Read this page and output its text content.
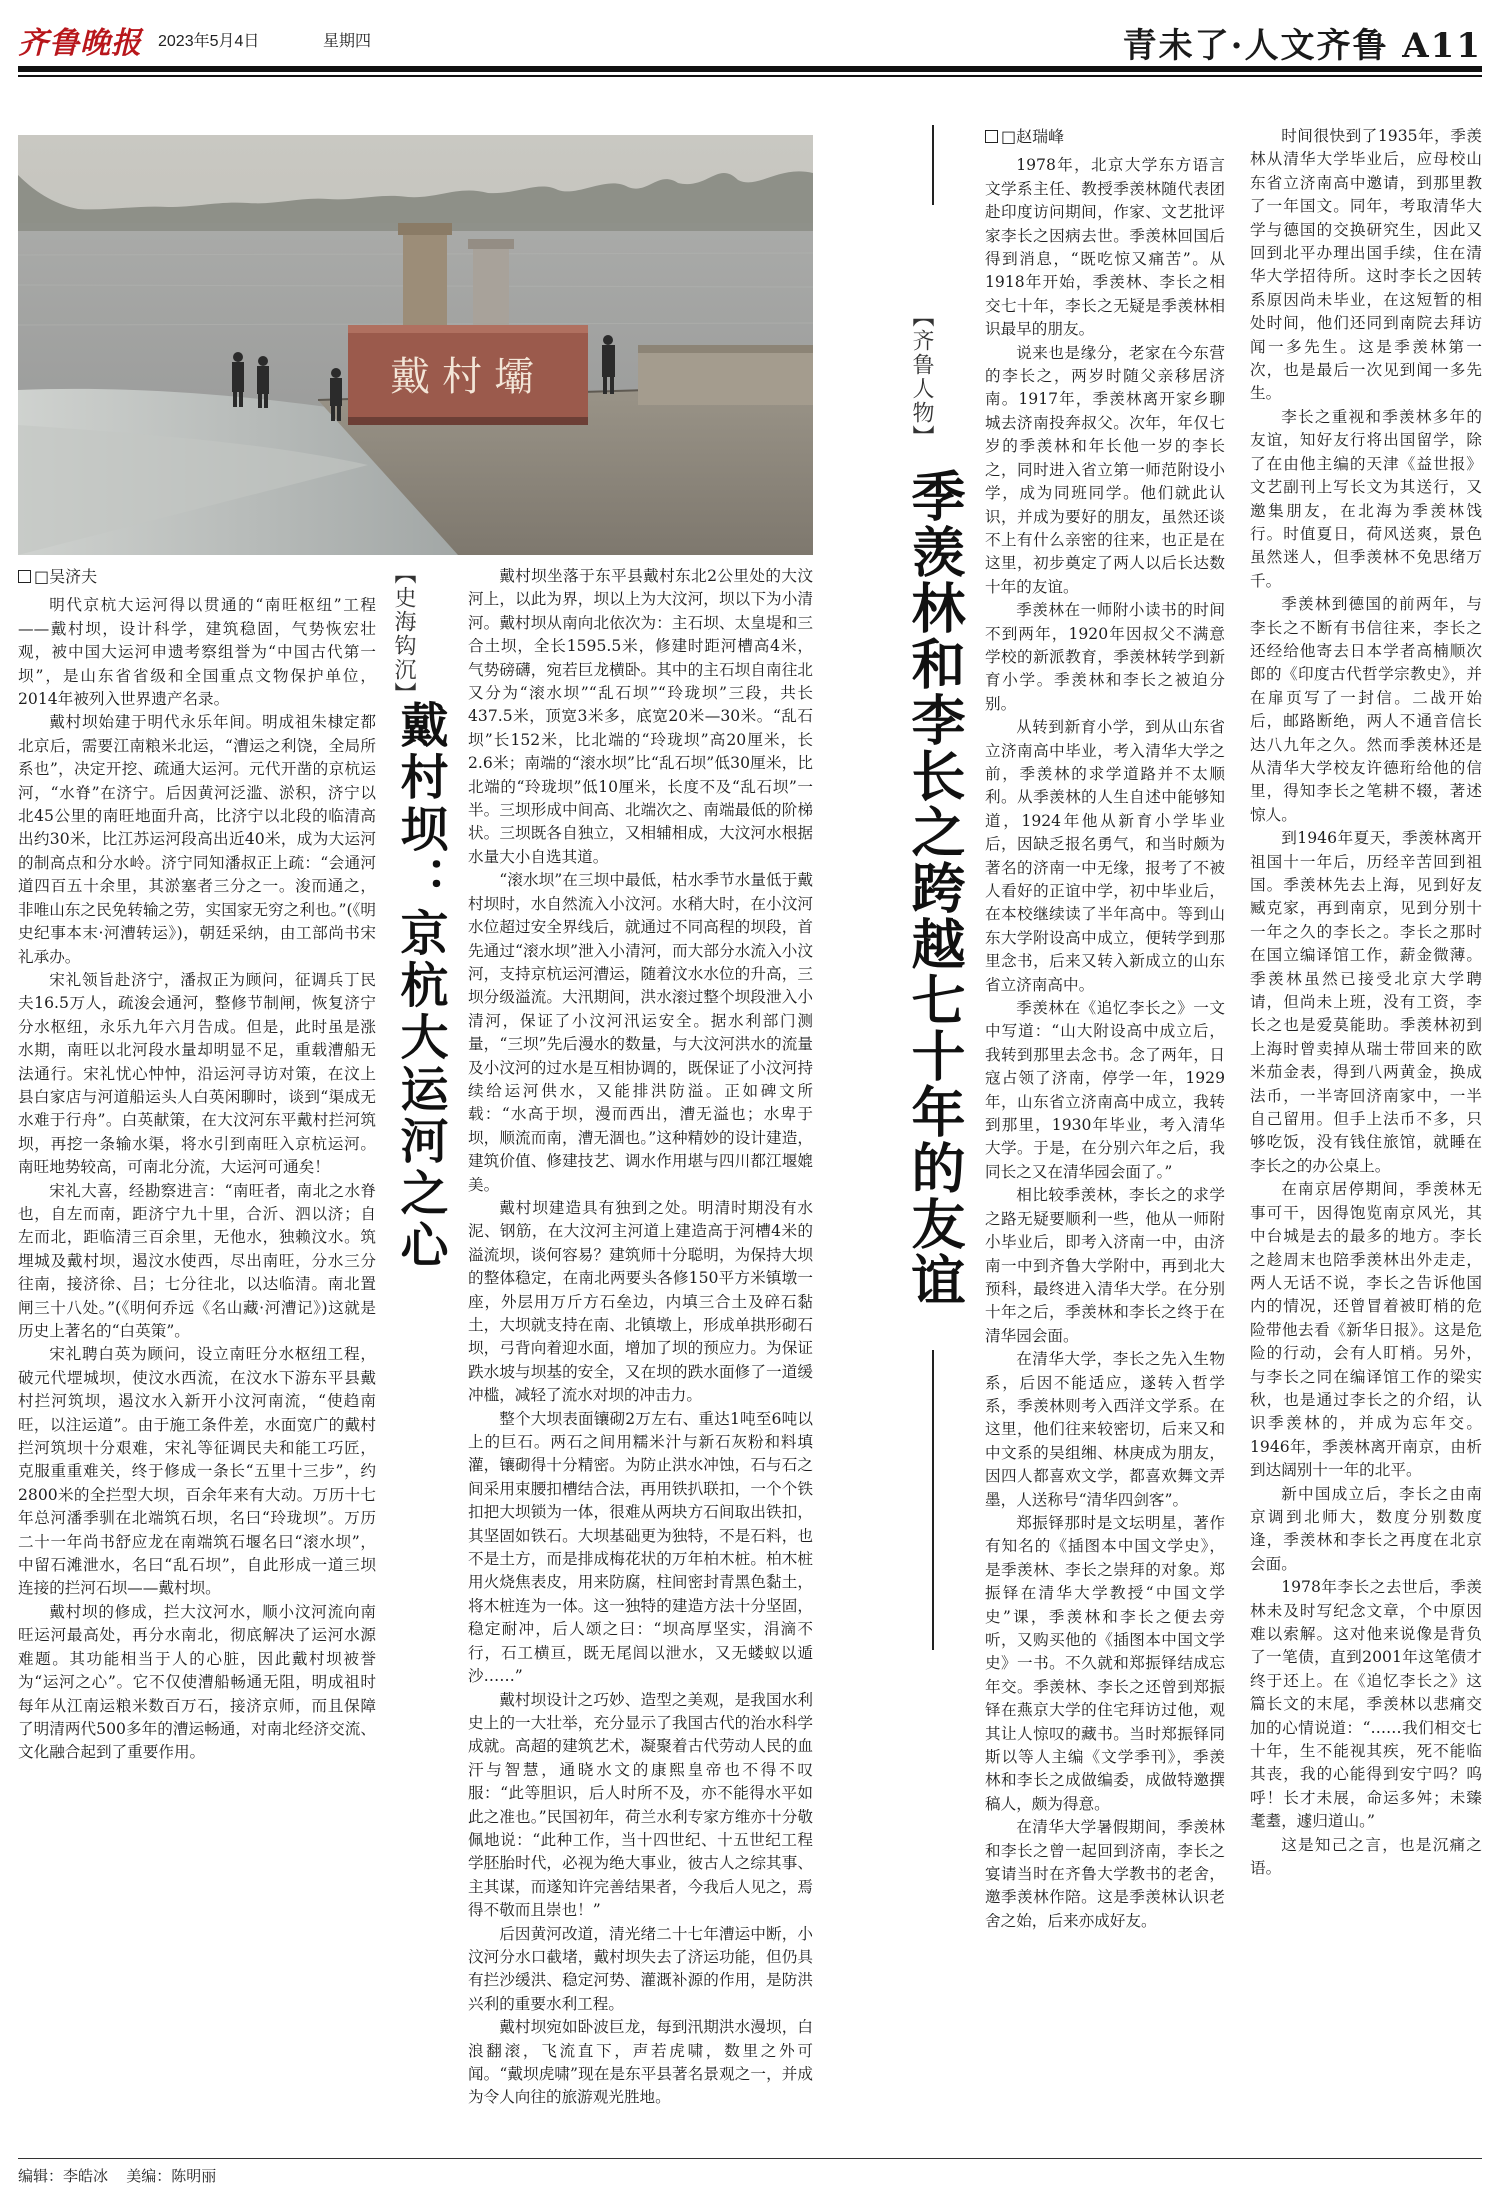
齐鲁晚报 2023年5月4日	星期四	青未了·人文齐鲁 A11
戴村壩
【史海钩沉】
戴村坝：京杭大运河之心

□吴济夫

明代京杭大运河得以贯通的“南旺枢纽”工程——戴村坝，设计科学，建筑稳固，气势恢宏壮观，被中国大运河申遗考察组誉为“中国古代第一坝”，是山东省省级和全国重点文物保护单位，2014年被列入世界遗产名录。

戴村坝始建于明代永乐年间。明成祖朱棣定都北京后，需要江南粮米北运，“漕运之利饶，全局所系也”，决定开挖、疏通大运河。元代开凿的京杭运河，“水脊”在济宁。后因黄河泛滥、淤积，济宁以北45公里的南旺地面升高，比济宁以北段的临清高出约30米，比江苏运河段高出近40米，成为大运河的制高点和分水岭。济宁同知潘叔正上疏：“会通河道四百五十余里，其淤塞者三分之一。浚而通之，非唯山东之民免转输之劳，实国家无穷之利也。”(《明史纪事本末·河漕转运》)，朝廷采纳，由工部尚书宋礼承办。

宋礼领旨赴济宁，潘叔正为顾问，征调兵丁民夫16.5万人，疏浚会通河，整修节制闸，恢复济宁分水枢纽，永乐九年六月告成。但是，此时虽是涨水期，南旺以北河段水量却明显不足，重载漕船无法通行。宋礼忧心忡忡，沿运河寻访对策，在汶上县白家店与河道船运头人白英闲聊时，谈到“渠成无水难于行舟”。白英献策，在大汶河东平戴村拦河筑坝，再挖一条输水渠，将水引到南旺入京杭运河。南旺地势较高，可南北分流，大运河可通矣！

宋礼大喜，经勘察进言：“南旺者，南北之水脊也，自左而南，距济宁九十里，合沂、泗以济；自左而北，距临清三百余里，无他水，独赖汶水。筑埋城及戴村坝，遏汶水使西，尽出南旺，分水三分往南，接济徐、吕；七分往北，以达临清。南北置闸三十八处。”(《明何乔远《名山藏·河漕记》)这就是历史上著名的“白英策”。

宋礼聘白英为顾问，设立南旺分水枢纽工程，破元代堽城坝，使汶水西流，在汶水下游东平县戴村拦河筑坝，遏汶水入新开小汶河南流，“使趋南旺，以注运道”。由于施工条件差，水面宽广的戴村拦河筑坝十分艰难，宋礼等征调民夫和能工巧匠，克服重重难关，终于修成一条长“五里十三步”，约2800米的全拦型大坝，百余年来有大动。万历十七年总河潘季驯在北端筑石坝，名曰“玲珑坝”。万历二十一年尚书舒应龙在南端筑石堰名曰“滚水坝”，中留石滩泄水，名曰“乱石坝”，自此形成一道三坝连接的拦河石坝——戴村坝。

戴村坝的修成，拦大汶河水，顺小汶河流向南旺运河最高处，再分水南北，彻底解决了运河水源难题。其功能相当于人的心脏，因此戴村坝被誉为“运河之心”。它不仅使漕船畅通无阻，明成祖时每年从江南运粮米数百万石，接济京师，而且保障了明清两代500多年的漕运畅通，对南北经济交流、文化融合起到了重要作用。

戴村坝坐落于东平县戴村东北2公里处的大汶河上，以此为界，坝以上为大汶河，坝以下为小清河。戴村坝从南向北依次为：主石坝、太皇堤和三合土坝，全长1595.5米，修建时距河槽高4米，气势磅礴，宛若巨龙横卧。其中的主石坝自南往北又分为“滚水坝”“乱石坝”“玲珑坝”三段，共长437.5米，顶宽3米多，底宽20米—30米。“乱石坝”长152米，比北端的“玲珑坝”高20厘米，长2.6米；南端的“滚水坝”比“乱石坝”低30厘米，比北端的“玲珑坝”低10厘米，长度不及“乱石坝”一半。三坝形成中间高、北端次之、南端最低的阶梯状。三坝既各自独立，又相辅相成，大汶河水根据水量大小自选其道。

“滚水坝”在三坝中最低，枯水季节水量低于戴村坝时，水自然流入小汶河。水稍大时，在小汶河水位超过安全界线后，就通过不同高程的坝段，首先通过“滚水坝”泄入小清河，而大部分水流入小汶河，支持京杭运河漕运，随着汶水水位的升高，三坝分级溢流。大汛期间，洪水滚过整个坝段泄入小清河，保证了小汶河汛运安全。据水利部门测量，“三坝”先后漫水的数量，与大汶河洪水的流量及小汶河的过水是互相协调的，既保证了小汶河持续给运河供水，又能排洪防溢。正如碑文所载：“水高于坝，漫而西出，漕无溢也；水卑于坝，顺流而南，漕无涸也。”这种精妙的设计建造，建筑价值、修建技艺、调水作用堪与四川都江堰媲美。

戴村坝建造具有独到之处。明清时期没有水泥、钢筋，在大汶河主河道上建造高于河槽4米的溢流坝，谈何容易？建筑师十分聪明，为保持大坝的整体稳定，在南北两要头各修150平方米镇墩一座，外层用万斤方石垒边，内填三合土及碎石黏土，大坝就支持在南、北镇墩上，形成单拱形砌石坝，弓背向着迎水面，增加了坝的预应力。为保证跌水坡与坝基的安全，又在坝的跌水面修了一道缓冲槛，减轻了流水对坝的冲击力。

整个大坝表面镶砌2万左右、重达1吨至6吨以上的巨石。两石之间用糯米汁与新石灰粉和料填灌，镶砌得十分精密。为防止洪水冲蚀，石与石之间采用束腰扣槽结合法，再用铁扒联扣，一个个铁扣把大坝锁为一体，很难从两块方石间取出铁扣，其坚固如铁石。大坝基础更为独特，不是石料，也不是土方，而是排成梅花状的万年柏木桩。柏木桩用火烧焦表皮，用来防腐，柱间密封青黑色黏土，将木桩连为一体。这一独特的建造方法十分坚固，稳定耐冲，后人颂之曰：“坝高厚坚实，涓滴不行，石工横亘，既无尾闾以泄水，又无蝼蚁以遁沙……”

戴村坝设计之巧妙、造型之美观，是我国水利史上的一大壮举，充分显示了我国古代的治水科学成就。高超的建筑艺术，凝聚着古代劳动人民的血汗与智慧，通晓水文的康熙皇帝也不得不叹服：“此等胆识，后人时所不及，亦不能得水平如此之准也。”民国初年，荷兰水利专家方维亦十分敬佩地说：“此种工作，当十四世纪、十五世纪工程学胚胎时代，必视为绝大事业，彼古人之综其事、主其谋，而遂知许完善结果者，今我后人见之，焉得不敬而且崇也！”

后因黄河改道，清光绪二十七年漕运中断，小汶河分水口截堵，戴村坝失去了济运功能，但仍具有拦沙缓洪、稳定河势、灌溉补源的作用，是防洪兴利的重要水利工程。

戴村坝宛如卧波巨龙，每到汛期洪水漫坝，白浪翻滚，飞流直下，声若虎啸，数里之外可闻。“戴坝虎啸”现在是东平县著名景观之一，并成为令人向往的旅游观光胜地。

【齐鲁人物】
季羡林和李长之跨越七十年的友谊

□赵瑞峰

1978年，北京大学东方语言文学系主任、教授季羡林随代表团赴印度访问期间，作家、文艺批评家李长之因病去世。季羡林回国后得到消息，“既吃惊又痛苦”。从1918年开始，季羡林、李长之相交七十年，李长之无疑是季羡林相识最早的朋友。

说来也是缘分，老家在今东营的李长之，两岁时随父亲移居济南。1917年，季羡林离开家乡聊城去济南投奔叔父。次年，年仅七岁的季羡林和年长他一岁的李长之，同时进入省立第一师范附设小学，成为同班同学。他们就此认识，并成为要好的朋友，虽然还谈不上有什么亲密的往来，也正是在这里，初步奠定了两人以后长达数十年的友谊。

季羡林在一师附小读书的时间不到两年，1920年因叔父不满意学校的新派教育，季羡林转学到新育小学。季羡林和李长之被迫分别。

从转到新育小学，到从山东省立济南高中毕业，考入清华大学之前，季羡林的求学道路并不太顺利。从季羡林的人生自述中能够知道，1924年他从新育小学毕业后，因缺乏报名勇气，和当时颇为著名的济南一中无缘，报考了不被人看好的正谊中学，初中毕业后，在本校继续读了半年高中。等到山东大学附设高中成立，便转学到那里念书，后来又转入新成立的山东省立济南高中。

季羡林在《追忆李长之》一文中写道：“山大附设高中成立后，我转到那里去念书。念了两年，日寇占领了济南，停学一年，1929年，山东省立济南高中成立，我转到那里，1930年毕业，考入清华大学。于是，在分别六年之后，我同长之又在清华园会面了。”

相比较季羡林，李长之的求学之路无疑要顺利一些，他从一师附小毕业后，即考入济南一中，由济南一中到齐鲁大学附中，再到北大预科，最终进入清华大学。在分别十年之后，季羡林和李长之终于在清华园会面。

在清华大学，李长之先入生物系，后因不能适应，遂转入哲学系，季羡林则考入西洋文学系。在这里，他们往来较密切，后来又和中文系的吴组缃、林庚成为朋友，因四人都喜欢文学，都喜欢舞文弄墨，人送称号“清华四剑客”。

郑振铎那时是文坛明星，著作有知名的《插图本中国文学史》，是季羡林、李长之崇拜的对象。郑振铎在清华大学教授“中国文学史”课，季羡林和李长之便去旁听，又购买他的《插图本中国文学史》一书。不久就和郑振铎结成忘年交。季羡林、李长之还曾到郑振铎在燕京大学的住宅拜访过他，观其让人惊叹的藏书。当时郑振铎同斯以等人主编《文学季刊》，季羡林和李长之成做编委，成做特邀撰稿人，颇为得意。

在清华大学暑假期间，季羡林和李长之曾一起回到济南，李长之宴请当时在齐鲁大学教书的老舍，邀季羡林作陪。这是季羡林认识老舍之始，后来亦成好友。

时间很快到了1935年，季羡林从清华大学毕业后，应母校山东省立济南高中邀请，到那里教了一年国文。同年，考取清华大学与德国的交换研究生，因此又回到北平办理出国手续，住在清华大学招待所。这时李长之因转系原因尚未毕业，在这短暂的相处时间，他们还同到南院去拜访闻一多先生。这是季羡林第一次，也是最后一次见到闻一多先生。

李长之重视和季羡林多年的友谊，知好友行将出国留学，除了在由他主编的天津《益世报》文艺副刊上写长文为其送行，又邀集朋友，在北海为季羡林饯行。时值夏日，荷风送爽，景色虽然迷人，但季羡林不免思绪万千。

季羡林到德国的前两年，与李长之不断有书信往来，李长之还经给他寄去日本学者高楠顺次郎的《印度古代哲学宗教史》，并在扉页写了一封信。二战开始后，邮路断绝，两人不通音信长达八九年之久。然而季羡林还是从清华大学校友许德珩给他的信里，得知李长之笔耕不辍，著述惊人。

到1946年夏天，季羡林离开祖国十一年后，历经辛苦回到祖国。季羡林先去上海，见到好友臧克家，再到南京，见到分别十一年之久的李长之。李长之那时在国立编译馆工作，薪金微薄。季羡林虽然已接受北京大学聘请，但尚未上班，没有工资，李长之也是爱莫能助。季羡林初到上海时曾卖掉从瑞士带回来的欧米茄金表，得到八两黄金，换成法币，一半寄回济南家中，一半自己留用。但手上法币不多，只够吃饭，没有钱住旅馆，就睡在李长之的办公桌上。

在南京居停期间，季羡林无事可干，因得饱览南京风光，其中台城是去的最多的地方。李长之趁周末也陪季羡林出外走走，两人无话不说，李长之告诉他国内的情况，还曾冒着被盯梢的危险带他去看《新华日报》。这是危险的行动，会有人盯梢。另外，与李长之同在编译馆工作的梁实秋，也是通过李长之的介绍，认识季羡林的，并成为忘年交。1946年，季羡林离开南京，由析到达阔别十一年的北平。

新中国成立后，李长之由南京调到北师大，数度分别数度逢，季羡林和李长之再度在北京会面。

1978年李长之去世后，季羡林未及时写纪念文章，个中原因难以索解。这对他来说像是背负了一笔债，直到2001年这笔债才终于还上。在《追忆李长之》这篇长文的末尾，季羡林以悲痛交加的心情说道：“……我们相交七十年，生不能视其疾，死不能临其丧，我的心能得到安宁吗？呜呼！长才未展，命运多舛；未臻耄耋，遽归道山。”

这是知己之言，也是沉痛之语。

编辑：李皓冰 美编：陈明丽
